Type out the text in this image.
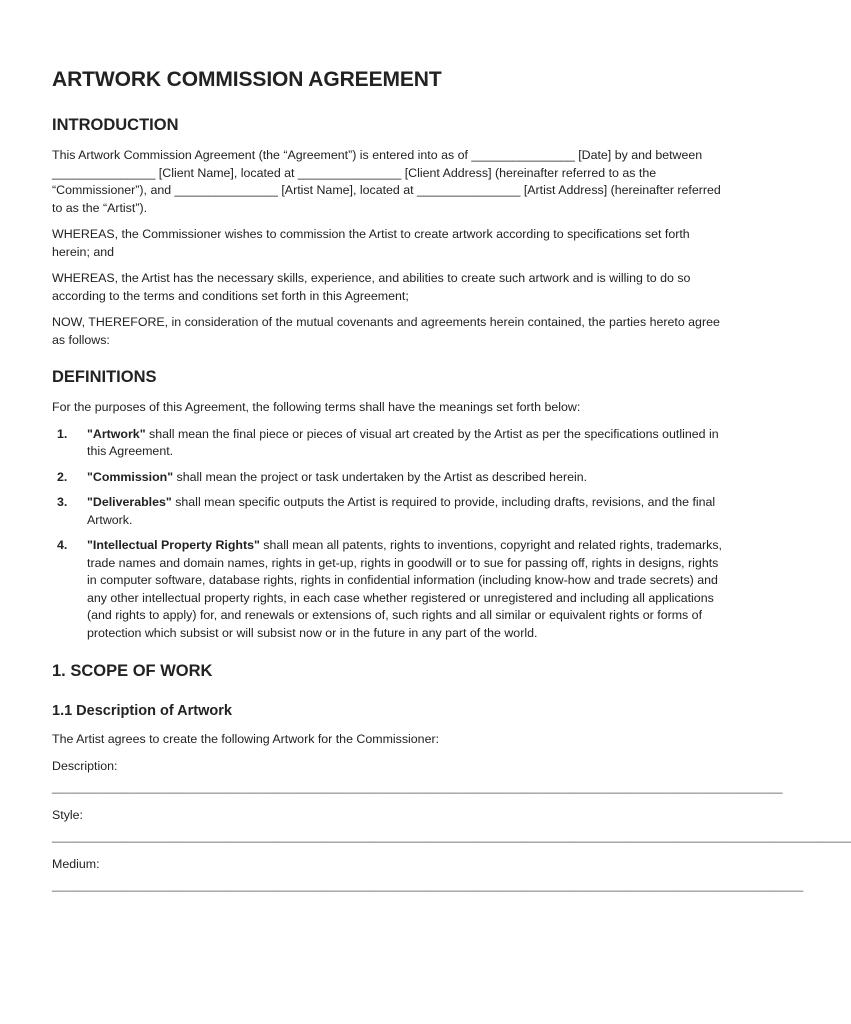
ARTWORK COMMISSION AGREEMENT
INTRODUCTION

This Artwork Commission Agreement (the “Agreement”) is entered into as of _______________ [Date] by and between _______________ [Client Name], located at _______________ [Client Address] (hereinafter referred to as the “Commissioner”), and _______________ [Artist Name], located at _______________ [Artist Address] (hereinafter referred to as the “Artist”).

WHEREAS, the Commissioner wishes to commission the Artist to create artwork according to specifications set forth herein; and

WHEREAS, the Artist has the necessary skills, experience, and abilities to create such artwork and is willing to do so according to the terms and conditions set forth in this Agreement;

NOW, THEREFORE, in consideration of the mutual covenants and agreements herein contained, the parties hereto agree as follows:

DEFINITIONS

For the purposes of this Agreement, the following terms shall have the meanings set forth below:

1. "Artwork" shall mean the final piece or pieces of visual art created by the Artist as per the specifications outlined in this Agreement.
2. "Commission" shall mean the project or task undertaken by the Artist as described herein.
3. "Deliverables" shall mean specific outputs the Artist is required to provide, including drafts, revisions, and the final Artwork.
4. "Intellectual Property Rights" shall mean all patents, rights to inventions, copyright and related rights, trademarks, trade names and domain names, rights in get-up, rights in goodwill or to sue for passing off, rights in designs, rights in computer software, database rights, rights in confidential information (including know-how and trade secrets) and any other intellectual property rights, in each case whether registered or unregistered and including all applications (and rights to apply) for, and renewals or extensions of, such rights and all similar or equivalent rights or forms of protection which subsist or will subsist now or in the future in any part of the world.
1. SCOPE OF WORK
1.1 Description of Artwork

The Artist agrees to create the following Artwork for the Commissioner:

Description:

__________________________________________________________________________________________________________

Style:

____________________________________________________________________________________________________________________

Medium:

_____________________________________________________________________________________________________________
